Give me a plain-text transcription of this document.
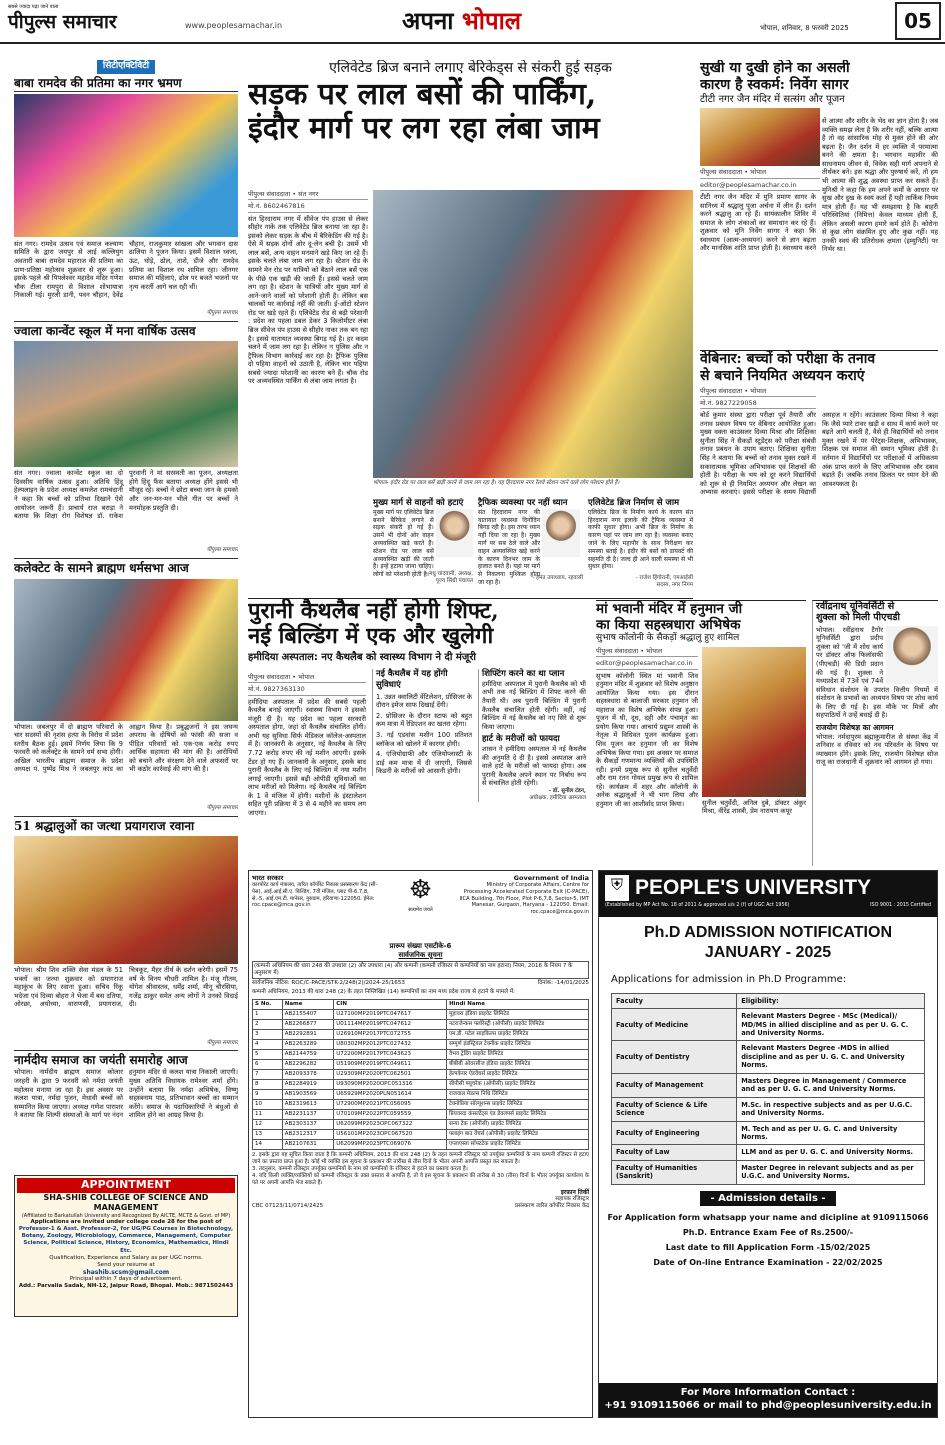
सबसे ज्यादा पढ़ा जाने वाला
पीपुल्स समाचार	www.peoplesamachar.in	अपना भोपाल	भोपाल, शनिवार, 8 फरवरी 2025	05
सिटीएक्टिविटी
बाबा रामदेव की प्रतिमा का नगर भ्रमण
संत नगर। रामदेव उत्सव एवं समाज कल्याण समिति के द्वारा जयपुर से लाई कल्लियुग अवतारी बाबा रामदेव महाराज की प्रतिमा का प्राण-प्रतिष्ठा महोत्सव शुक्रवार से शुरू हुआ। इसके पहले श्री पिपलेश्वर महादेव मंदिर गणेश चौक टीला रामपुरा से विशाल शोभायात्रा निकाली गई। मुरली डानी, पवन चौहान, देवेंद्र चौहान, राजकुमार सांखला और भगवान दास ढालिया ने पूजन किया। इसमें विशाल ध्वजा, ऊंट, घोड़े, ढोल, ताशे, डीजे और रामदेव प्रतिमा का विशाल रथ शामिल रहा। जीनगर समाज की महिलाएं, ढोल पर बजते भजनों पर नृत्य करतीं आगे चल रही थीं।
पीपुल्स समाचार
ज्वाला कान्वेंट स्कूल में मना वार्षिक उत्सव
संत नगर। ज्वाला कान्वेंट स्कूल का दो दिवसीय वार्षिक उत्सव हुआ। अतिथि हिंदू हेल्पलाइन के प्रदेश अध्यक्ष कमलेश रामचंदानी ने कहा कि बच्चों को प्रतिभा दिखाने ऐसे आयोजन जरूरी हैं। प्राचार्य राज बराड़ा ने बताया कि शिक्षा रोग विशेषज्ञ डॉ. राकेश पुरवानी ने मां सरस्वती का पूजन, अध्यक्षता होगे हिंदू फैंस बताया अध्यक्ष होंगे इससे भी मौजूद रहे। बच्चों ने छोटा बच्चा जान के हमको और जन-मन-मन भीले गीत पर बच्चों ने मनमोहक प्रस्तुति दी।
पीपुल्स समाचार
कलेक्टेट के सामने ब्राह्मण धर्मसभा आज
भोपाल। जबलपुर में दो ब्राह्मण परिवारों के चार सदस्यों की नृशंस हत्या के विरोध में प्रदेश स्तरीय बैठक हुई। इसमें निर्णय लिया कि 9 फरवरी को कलेक्ट्रेट के सामने धर्म सभा होगी। अखिल भारतीय ब्राह्मण समाज के प्रदेश अध्यक्ष पं. पुष्पेंद्र मिश्र ने जबलपुर कांड का आह्वान किया है। प्रबुद्धजनों ने इस जघन्य अपराध के दोषियों को फांसी की सजा व पीड़ित परिवारों को एक-एक करोड़ रुपए आर्थिक सहायता की मांग की है। आरोपियों को बचाने और संरक्षण देने वाले अफसरों पर भी कठोर कार्रवाई की मांग की है।
पीपुल्स समाचार
51 श्रद्धालुओं का जत्था प्रयागराज रवाना
भोपाल। श्रीम शिव शक्ति सेवा मंडल के 51 भक्तों का जत्था शुक्रवार को प्रयागराज महाकुंभ के लिए रवाना हुआ। सचिव रिंकू भदेजा एवं दिव्या बोहरा ने भेजा में बस दतिया, ओरछा, अयोध्या, वाराणसी, प्रयागराज, चित्रकूट, मैहर तीर्थ के दर्शन करेगी। इसमें 75 वर्ष के विनय चौधरी शामिल है। मंजू गौतम, योगेश श्रीवास्तव, धर्मेंद्र शर्मा, मीनू चौरसिया, गजेंद्र ठाकुर समेत अन्य लोगों ने उनको विदाई दी।
पीपुल्स समाचार
नार्मदीय समाज का जयंती समारोह आज
भोपाल। नार्मदीय ब्राह्मण समाज कोलार जरहरी के द्वारा 9 फरवरी को नर्मदा जयंती महोत्सव मनाया जा रहा है। इस अवसर पर कलश यात्रा, नर्मदा पूजन, मेधावी बच्चों को सम्मानित किया जाएगा। अध्यक्ष गणेश पाराशर ने बताया कि शिल्पी संस्थाओं के मार्ग पर नंदन हनुमान मंदिर से कलश यात्रा निकाली जाएगी। मुख्य अतिथि विधायक रामेश्वर शर्मा होंगे। उन्होंने बताया कि नर्मदा अभिषेक, विष्णु सहस्त्रनाम पाठ, प्रतिभावान बच्चों का सम्मान करेंगे। समाज के पदाधिकारियों ने बंधुओं से शामिल होने का आग्रह किया है।
APPOINTMENT
SHA-SHIB COLLEGE OF SCIENCE AND MANAGEMENT
(Affiliated to Barkatullah University and Recognized By AICTE, MCTE & Govt. of MP)
Applications are invited under college code 28 for the post of
Professor-1 & Asst. Professor-2, for UG/PG Courses in Biotechnology, Botany, Zoology, Microbiology, Commerce, Management, Computer Science, Political Science, History, Economics, Mathematics, Hindi Etc.
Qualification, Experience and Salary as per UGC norms.
Send your resume at
shashib.scsm@gmail.com
Principal within 7 days of advertisement.
Add.: Parvalia Sadak, NH-12, Jaipur Road, Bhopal. Mob.: 9871502443
एलिवेटेड ब्रिज बनाने लगाए बेरिकेड्स से संकरी हुई सड़क
सड़क पर लाल बसों की पार्किंग,
इंदौर मार्ग पर लग रहा लंबा जाम
पीपुल्स संवाददाता • संत नगर
मो.नं. 8602467816
संत हिरदाराम नगर में सीवेज पंप हाउस से लेकर सीहोर नाके तक एलिवेटेड ब्रिज बनाया जा रहा है। इसको लेकर सड़क के बीच में बैरिकेडिंग की गई है। ऐसे में सड़क दोनों ओर दू-लेन बची है। उसमें भी लाल बसें, अन्य वाहन मनमाने खड़े किए जा रहे हैं। इसके चलते लंबा जाम लग रहा है। स्टेशन रोड के सामने मेन रोड पर यात्रियों को बैठाने लाल बसें एक के पीछे एक खड़ी की जाती हैं। इससे चलते जाम लग रहा है। स्टेशन के यात्रियों और मुख्य मार्ग से आने-जाने वालों को परेशानी होती है। लेकिन बस चालकों पर कार्रवाई नहीं की जाती। ई-ऑटो स्टेशन रोड पर खड़े रहते हैं। एलिवेटेड रोड से बढ़ी परेशानी : प्रदेश का पहला डबल डेकर 3 किलोमीटर लंबा ब्रिज सीवेज पंप हाउस से सीहोर नाका तक बन रहा है। इससे यातायात व्यवस्था बिगड़ गई है। हर कदम चलने में जाम लग रहा है। लेकिन न पुलिस और न ट्रैफिक विभाग कार्रवाई कर रहा है। ट्रैफिक पुलिस दो पहिया वाहनों को उठाती है, लेकिन चार पहिया सबसे ज्यादा परेशानी का कारण बने हैं। चौक रोड पर अव्यवस्थित पार्किंग से लंबा जाम लगता है।
भोपाल- इंदौर रोड पर लाल बसें खड़ी करने से जाम लग रहा है। यह हिरदाराम नगर रेलवे स्टेशन जाने वाले लोग परेशान होते हैं।
मुख्य मार्ग से वाहनों को हटाएं
मुख्य मार्ग पर एलिवेटेड ब्रिज बनाने बैरिकेड लगाने से सड़क संकरी हो गई है। उसमें भी दोनों ओर वाहन अव्यवस्थित खड़े करते हैं। स्टेशन रोड पर लाल बसें अव्यवस्थित खड़ी की जाती हैं। इन्हें हटाया जाना चाहिए। लोगों को परेशानी होती है।
- मधु चांदवानी, अध्यक्ष,
पूज्य सिंधी पंचायत
ट्रैफिक व्यवस्था पर नहीं ध्यान
संत हिरदाराम नगर की यातायात व्यवस्था दिनोंदिन बिगड़ रही है। इस तरफ ध्यान नहीं दिया जा रहा है। मुख्य मार्ग पर सब ठेले वाले और वाहन अव्यवस्थित खड़े करने के कारण दिनभर जाम के हालात बनते हैं। यहां पर मार्ग से निकलना मुश्किल होता जा रहा है।
- हेमंत उपाध्याय, रहवासी
एलिवेटेड ब्रिज निर्माण से जाम
एलिवेटेड ब्रिज के निर्माण कार्य के कारण संत हिरदाराम नगर इलाके की ट्रैफिक व्यवस्था में काफी सुधार होगा। अभी ब्रिज के निर्माण के कारण यहां पर जाम लग रहा है। व्यवस्था बनाए जाने के लिए महापौर के साथ निरीक्षण कर समस्या बताई है। इंदौर की बसों को डायवर्ट की सहमति दी है। जल्द ही आने वाली समस्या से भी सुधार होगा।
- राजेश हिंगोरानी, एमआईसी
सदस्य, नगर निगम
पुरानी कैथलैब नहीं होगी शिफ्ट,
नई बिल्डिंग में एक और खुलेगी
हमीदिया अस्पताल: नए कैथलैब को स्वास्थ्य विभाग ने दी मंजूरी
पीपुल्स संवाददाता • भोपाल
मो.नं. 9827363130
हमीदिया अस्पताल में प्रदेश की सबसे पहली कैथलैब बनाई जाएगी। स्वास्थ्य विभाग ने इसको मंजूरी दी है। यह प्रदेश का पहला सरकारी अस्पताल होगा, जहां दो कैथलैब संचालित होंगी। अभी यह सुविधा सिर्फ मेडिकल कॉलेज-अस्पताल में है। जानकारी के अनुसार, नई कैथलैब के लिए 7.72 करोड़ रुपए की नई मशीन आएगी। इसके टेंडर हो गए हैं। जानकारी के अनुसार, इसके बाद पुरानी कैथलैब के लिए नई बिल्डिंग में नया मशीन लगाई जाएगी। इससे बढ़ी ओपीडी सुविधाओं का लाभ मरीजों को मिलेगा। नई कैथलैब नई बिल्डिंग के 1 वें मंजिल में होगी। मशीनों के इंस्टालेशन सहित पूरी प्रक्रिया में 3 से 4 महीने का समय लग जाएगा।
नई कैथलैब में यह होंगी सुविधाएं
1. उन्नत क्वालिटी वेंटिलेशन, प्रोसिजर के दौरान इमेज साफ दिखाई देंगी।
2. प्रोसिजर के दौरान स्टाफ को बहुत कम मात्रा में रेडिएशन का खतरा रहेगा।
3. नई एडवांस मशीन 100 प्रतिशत ब्लॉकेज को खोलने में कारगर होगी।
4. एंजियोग्राफी और एंजियोप्लास्टी के डाई कम मात्रा में दी जाएगी, जिससे किडनी के मरीजों को आसानी होगी।
शिफ्टिंग करने का था प्लान
हमीदिया अस्पताल में पुरानी कैथलैब को भी अभी तक नई बिल्डिंग में शिफ्ट करने की तैयारी थी। अब पुरानी बिल्डिंग में पुरानी कैथलैब संचालित होती रहेगी। वहीं, नई बिल्डिंग में नई कैथलैब को नए सिरे से शुरू किया जाएगा।
हार्ट के मरीजों को फायदा
शासन ने हमीदिया अस्पताल में नई कैथलैब की अनुमति दे दी है। इससे अस्पताल आने वाले हार्ट के मरीजों को फायदा होगा। अब पुरानी कैथलैब अपने स्थान पर निर्बाध रूप से संचालित होती रहेगी।
- डॉ. सुनील टंडन,
अधीक्षक, हमीदिया अस्पताल
भारत सरकार
कारपोरेट कार्य मंत्रालय, त्वरित कॉर्पोरेट निकास प्रसंस्करण केंद्र (सी-पेस), आई.आई.सी.ए. बिल्डिंग, 7वीं मंजिल, प्लाट पी-6,7,8, से.-5, आई.एम.टी. मानेसर, गुरुग्राम, हरियाणा-122050. ईमेल: roc.cpace@mca.gov.in
☸
सत्यमेव जयते
Government of India
Ministry of Corporate Affairs, Centre for Processing Accelerated Corporate Exit (C-PACE), IICA Building, 7th Floor, Plot P-6,7,8, Sector-5, IMT Manesar, Gurgaon, Haryana - 122050. Email: roc.cpace@mca.gov.in
प्रारूप संख्या एसटीके-6
सार्वजनिक सूचना
(कम्पनी अधिनियम की धारा 248 की उपधारा (2) और उपधारा (4) और कम्पनी (कम्पनी रजिस्टर से कम्पनियों का नाम हटाना) नियम, 2016 के नियम 7 के अनुसरण में)
सार्वजनिक नोटिस: ROC/C-PACE/STK-2/248(2)/2024-25/1653	दिनांक: -14/01/2025
कम्पनी अधिनियम, 2013 की धारा 248 (2) के तहत निम्लिखित (14) कम्पनियों का नाम मध्य प्रदेश राज्य से हटाने के मामले में:
S No.	Name	CIN	Hindi Name
1	AB2155407	U27100MP2019PTC047617	मुहावरा इंडिया प्राइवेट लिमिटेड
2	AB2266877	U01114MP2019PTC047612	नटराजेन्कस फ्लोरेस्ट्री (ओपीसी) प्राइवेट लिमिटेड
3	AB2292891	U26910MP2017PTC072755	एम.डी. पटेल साइकिल्स प्राइवेट लिमिटेड
4	AB2263289	U80302MP2012PTC027432	सम्पूर्ण इंडस्ट्रियल टेक्नीक प्राइवेट लिमिटेड
5	AB2144759	U72200MP2017PTC043623	वैभव ट्रेडिंग प्राइवेट लिमिटेड
6	AB2296282	U51909MP2019PTC049611	बीबीबी ओवरसीज इंडिया प्राइवेट लिमिटेड
7	AB2093378	U29309MP2020PTC062501	हेल्पकेयर ऐडवेंचर्स प्राइवेट लिमिटेड
8	AB2284919	U93090MP2020OPC051316	सीपीसी फ्यूचरेक (ओपीसी) प्राइवेट लिमिटेड
9	AB1903569	U65929MP2020PLN051614	राजवाल मेडल्स निधि लिमिटेड
10	AB2319613	U72900MP2021PTC056095	टेक्नोप्रिया सॉल्यूशन्स प्राइवेट लिमिटेड
11	AB2231137	U70109MP2022PTC059559	प्रियवरदा कंसल्टेंट्स एंड डेवलपर्स प्राइवेट लिमिटेड
12	AB2303137	U62099MP2023OPC067322	सन्या टेक (ओपीसी) प्राइवेट लिमिटेड
13	AB2312317	U56101MP2023OPC067520	फ्लाइंग बाउ वेंचर्स (ओपीसी) प्राइवेट लिमिटेड
14	AB2107631	U62099MP2023PTC069076	एप्लाएस्ता सॉफ्टटेक प्राइवेट लिमिटेड
2. इसके द्वारा यह सूचित किया जाता है कि कम्पनी अधिनियम, 2013 की धारा 248 (2) के तहत कम्पनी रजिस्ट्रार को उपर्युक्त कम्पनियों के नाम कम्पनी रजिस्टर से हटाए जाने का प्रस्ताव प्राप्त हुआ है। कोई भी व्यक्ति इस सूचना के प्रकाशन की तारीख से तीस दिनों के भीतर अपनी आपत्ति प्रस्तुत कर सकता है।
3. तदनुसार, कम्पनी रजिस्ट्रार उपर्युक्त कम्पनियों के नाम को कम्पनियों के रजिस्टर से हटाने का प्रस्ताव करता है।
4. यदि किसी व्यक्ति/व्यक्तियों को कम्पनी रजिस्ट्रार के उक्त प्रस्ताव से आपत्ति है, तो वे इस सूचना के प्रकाशन की तारीख से 30 (तीस) दिनों के भीतर उपर्युक्त कार्यालय के पते पर अपनी आपत्ति भेज सकते हैं।
इरफ़ान तिर्की
सहायक रजिस्ट्रार
CBC 07123/11/0714/2425	प्रसंस्करण त्वरित कॉर्पोरेट निकास केंद्र
सुखी या दुखी होने का असली
कारण है स्वकर्म: निर्वेग सागर
टीटी नगर जैन मंदिर में सत्संग और पूजन
पीपुल्स संवाददाता • भोपाल
editor@peoplesamachar.co.in
टीटी नगर जैन मंदिर में मुनि प्रमाण सागर के सानिध्य में श्रद्धालु पूजा अर्चना में लीन हैं। दर्शन करने श्रद्धालु आ रहे हैं। सायंकालीन शिविर में समाज के लोग शंकाओं का समाधान कर रहे हैं। शुक्रवार को मुनि निर्वेग सागर ने कहा कि स्वाध्याय (आत्म-अध्ययन) करने से ज्ञान बढ़ता और मानसिक शांति प्राप्त होती है। स्वाध्याय करने से आत्मा और शरीर के भेद का ज्ञान होता है। जब व्यक्ति समझ लेता है कि शरीर नहीं, बल्कि आत्मा है तो वह सांसारिक मोह से मुक्त होने की ओर बढ़ता है। जैन दर्शन में हर व्यक्ति में परमात्मा बनने की क्षमता है। भगवान महावीर की साधनामय जीवन से, विवेक सही मार्ग अपनाने से तीर्थकर बने। इस श्रद्धा और पुरुषार्थ करें, तो हम भी आत्मा की शुद्ध अवस्था प्राप्त कर सकते हैं। मुनिश्री ने कहा कि हम अपने कर्मों के आधार पर सुख और दुख के स्वयं कर्ता हैं यही तार्किक नियम मात्र होती हैं। यह भी समझाया है कि बाहरी परिस्थितियां (निमित्त) केवल माध्यम होती हैं, लेकिन असली कारण हमारे कर्म होते हैं। कोरोना से कुछ लोग संक्रमित हुए और कुछ नहीं। यह उनकी स्वयं की प्रतिरोधक क्षमता (इम्युनिटी) पर निर्भर था।
वेबिनार: बच्चों को परीक्षा के तनाव
से बचाने नियमित अध्ययन कराएं
पीपुल्स संवाददाता • भोपाल
मो.नं. 9827229058
बोर्ड कुमार संस्था द्वारा परीक्षा पूर्व तैयारी और तनाव प्रबंधन विषय पर वेबिनार आयोजित हुआ। मुख्य वक्ता काउंसलर दिव्या मिश्रा और शिक्षिका सुनीता सिंह ने सैकड़ों स्टूडेंट्स को परीक्षा संबंधी तनाव प्रबंधन के उपाय बताए। शिक्षिका सुनीता सिंह ने बताया कि बच्चों को तनाव मुक्त रखने में सकारात्मक भूमिका अभिभावक एवं शिक्षकों की होती है। परीक्षा के भय को दूर करने विद्यार्थियों को शुरू से ही नियमित अध्ययन और लेखन का अभ्यास करवाएं। इससे परीक्षा के समय विद्यार्थी असहज न रहेंगे। काउंसलर दिव्या मिश्रा ने कहा कि जैसे प्यारे टावर खड़ी व साथ में कार्य करने पर बढ़ते आगे चलती है, वैसे ही विद्यार्थियों को तनाव मुक्त रखने में पर पेरेंट्स-शिक्षक, अभिभावक, शिक्षक एवं समाज की समान भूमिका होती है। वर्तमान में विद्यार्थियों पर परीक्षाओं में अधिकतम अंक प्राप्त करने के लिए अभिभावक और दबाव बढ़ाते हैं। जबकि तनाव फ्रिलत पर ध्यान देने की आवश्यकता है।
मां भवानी मंदिर में हनुमान जी
का किया सहस्त्रधारा अभिषेक
सुभाष कॉलोनी के सैकड़ों श्रद्धालु हुए शामिल
पीपुल्स संवाददाता • भोपाल
editor@peoplesamachar.co.in
सुभाष कॉलोनी स्थित मां भवानी शिव हनुमान मंदिर में शुक्रवार को विशेष अनुष्ठान आयोजित किया गया। इस दौरान सहस्त्रधारा से बालाजी सरकार हनुमान जी महाराज का विशेष अभिषेक संपन्न हुआ। पूजन में घी, दूध, दही और पंचामृत का प्रयोग किया गया। आचार्य प्रद्युम्न शास्त्री के नेतृत्व में विधिवत पूजन कार्यक्रम हुआ। शिव पूजन कर हनुमान जी का विशेष अभिषेक किया गया। इस अवसर पर समाज के सैकड़ों गणमान्य व्यक्तियों की उपस्थिति रही। इनमें प्रमुख रूप से सुनील चतुर्वेदी और राम रतन गोयल प्रमुख रूप से शामिल रहे। कार्यक्रम में शहर और कॉलोनी के अनेक श्रद्धालुओं ने भी भाग लिया और हनुमान जी का आशीर्वाद प्राप्त किया।	सुनील चतुर्वेदी, अनिल दुबे, डॉक्टर अंकुर मिश्रा, वीरेंद्र शास्त्री, प्रेम नारायण कपूर
रवींद्रनाथ यूनिवर्सिटी से
शुक्ला को मिली पीएचडी
भोपाल। रवींद्रनाथ टैगोर यूनिवर्सिटी द्वारा प्रदीप शुक्ला को 'जी में शोध कार्य पर डॉक्टर ऑफ फिलॉसफी (पीएचडी) की डिग्री प्रदान की गई है। शुक्ला ने मध्यप्रदेश में 73वें एवं 74वें संविधान संशोधन के उपरांत वित्तीय नियमों में संशोधन के प्रभावों का अध्ययन विषय पर शोध कार्य के लिए दी गई है। इस मौके पर मित्रों और सहपाठियों ने उन्हें बधाई दी है।
राजयोग विशेषज्ञ का आगमन
भोपाल: नर्मदापुरम ब्रह्माकुमारीज से संस्था केंद्र में शनिवार व रविवार को नव परिवर्तन के विषय पर व्याख्यान होंगे। इसके लिए, राजयोग विशेषज्ञ सोज राजू का राजधानी में शुक्रवार को आगमन हो गया।
⛨ PEOPLE'S UNIVERSITY
(Established by MP Act No. 18 of 2011 & approved u/s 2 (f) of UGC Act 1956)	ISO 9001 : 2015 Certified
Ph.D ADMISSION NOTIFICATION
JANUARY - 2025
Applications for admission in Ph.D Programme:
Faculty	Eligibility:
Faculty of Medicine	Relevant Masters Degree - MSc (Medical)/ MD/MS in allied discipline and as per U. G. C. and University Norms.
Faculty of Dentistry	Relevant Masters Degree -MDS in allied discipline and as per U. G. C. and University Norms.
Faculty of Management	Masters Degree in Management / Commerce and as per U. G. C. and University Norms.
Faculty of Science & Life Science	M.Sc. in respective subjects and as per U.G.C. and University Norms.
Faculty of Engineering	M. Tech and as per U. G. C. and University Norms.
Faculty of Law	LLM and as per U. G. C. and University Norms.
Faculty of Humanities (Sanskrit)	Master Degree in relevant subjects and as per U.G.C. and University Norms.
- Admission details -
For Application form whatsapp your name and dicipline at 9109115066
Ph.D. Entrance Exam Fee of Rs.2500/-
Last date to fill Application Form -15/02/2025
Date of On-line Entrance Examination - 22/02/2025
For More Information Contact :
+91 9109115066 or mail to phd@peoplesuniversity.edu.in
